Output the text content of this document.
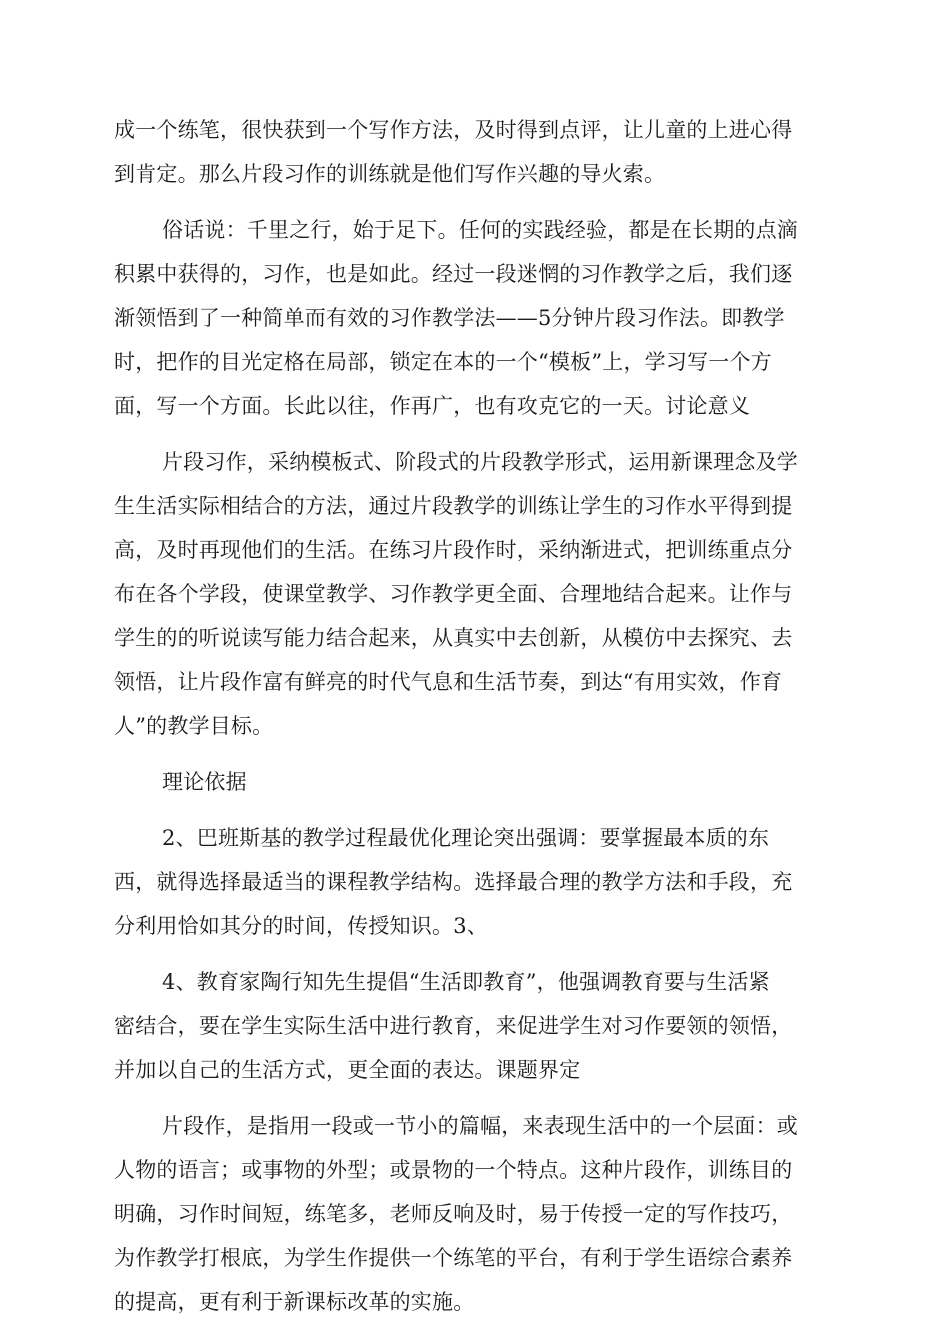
成一个练笔，很快获到一个写作方法，及时得到点评，让儿童的上进心得
到肯定。那么片段习作的训练就是他们写作兴趣的导火索。

俗话说：千里之行，始于足下。任何的实践经验，都是在长期的点滴
积累中获得的，习作，也是如此。经过一段迷惘的习作教学之后，我们逐
渐领悟到了一种简单而有效的习作教学法——5分钟片段习作法。即教学
时，把作的目光定格在局部，锁定在本的一个“模板”上，学习写一个方
面，写一个方面。长此以往，作再广，也有攻克它的一天。讨论意义

片段习作，采纳模板式、阶段式的片段教学形式，运用新课理念及学
生生活实际相结合的方法，通过片段教学的训练让学生的习作水平得到提
高，及时再现他们的生活。在练习片段作时，采纳渐进式，把训练重点分
布在各个学段，使课堂教学、习作教学更全面、合理地结合起来。让作与
学生的的听说读写能力结合起来，从真实中去创新，从模仿中去探究、去
领悟，让片段作富有鲜亮的时代气息和生活节奏，到达“有用实效，作育
人”的教学目标。

理论依据

2、巴班斯基的教学过程最优化理论突出强调：要掌握最本质的东
西，就得选择最适当的课程教学结构。选择最合理的教学方法和手段，充
分利用恰如其分的时间，传授知识。3、

4、教育家陶行知先生提倡“生活即教育”，他强调教育要与生活紧
密结合，要在学生实际生活中进行教育，来促进学生对习作要领的领悟，
并加以自己的生活方式，更全面的表达。课题界定

片段作，是指用一段或一节小的篇幅，来表现生活中的一个层面：或
人物的语言；或事物的外型；或景物的一个特点。这种片段作，训练目的
明确，习作时间短，练笔多，老师反响及时，易于传授一定的写作技巧，
为作教学打根底，为学生作提供一个练笔的平台，有利于学生语综合素养
的提高，更有利于新课标改革的实施。
